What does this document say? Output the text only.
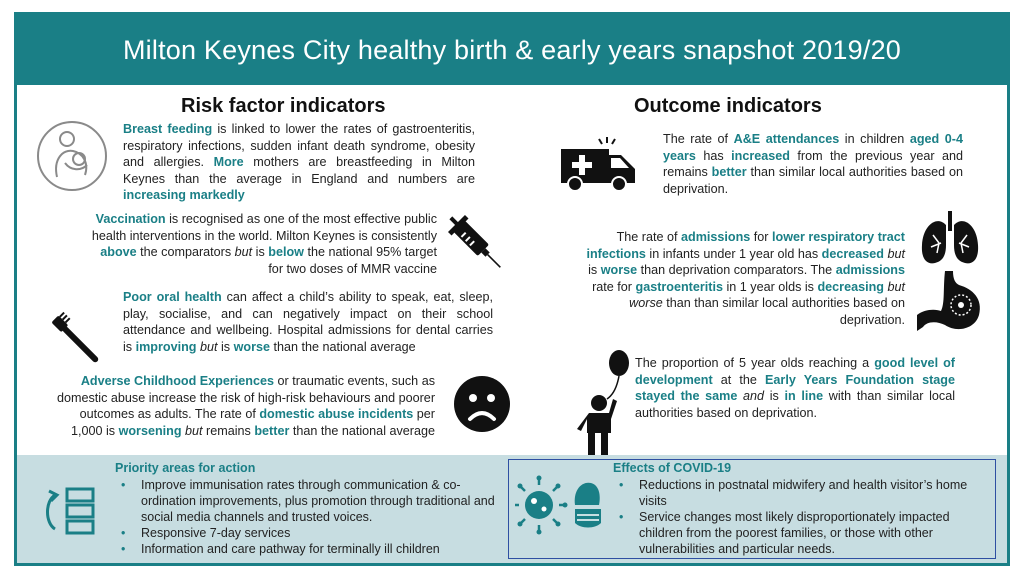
Milton Keynes City healthy birth & early years snapshot 2019/20
Risk factor indicators
Breast feeding is linked to lower the rates of gastroenteritis, respiratory infections, sudden infant death syndrome, obesity and allergies. More mothers are breastfeeding in Milton Keynes than the average in England and numbers are increasing markedly
Vaccination is recognised as one of the most effective public health interventions in the world. Milton Keynes is consistently above the comparators but is below the national 95% target for two doses of MMR vaccine
Poor oral health can affect a child’s ability to speak, eat, sleep, play, socialise, and can negatively impact on their school attendance and wellbeing. Hospital admissions for dental carries is improving but is worse than the national average
Adverse Childhood Experiences or traumatic events, such as domestic abuse increase the risk of high-risk behaviours and poorer outcomes as adults. The rate of domestic abuse incidents per 1,000 is worsening but remains better than the national average
Outcome indicators
The rate of A&E attendances in children aged 0-4 years has increased from the previous year and remains better than similar local authorities based on deprivation.
The rate of admissions for lower respiratory tract infections in infants under 1 year old has decreased but is worse than deprivation comparators. The admissions rate for gastroenteritis in 1 year olds is decreasing but worse than than similar local authorities based on deprivation.
The proportion of 5 year olds reaching a good level of development at the Early Years Foundation stage stayed the same and is in line with than similar local authorities based on deprivation.
Priority areas for action
• Improve immunisation rates through communication & co-ordination improvements, plus promotion through traditional and social media channels and trusted voices.
• Responsive 7-day services
• Information and care pathway for terminally ill children
Effects of COVID-19
• Reductions in postnatal midwifery and health visitor’s home visits
• Service changes most likely disproportionately impacted children from the poorest families, or those with other vulnerabilities and particular needs.
